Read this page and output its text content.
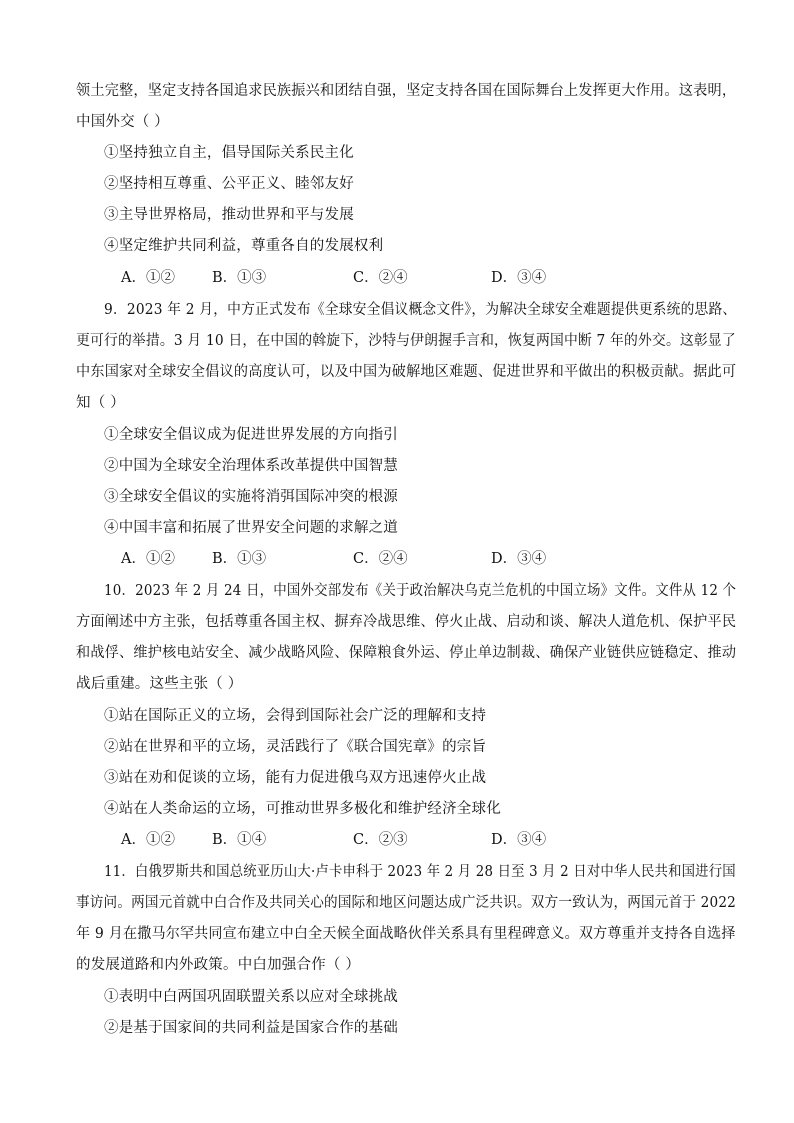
领土完整，坚定支持各国追求民族振兴和团结自强，坚定支持各国在国际舞台上发挥更大作用。这表明，
中国外交（ ）
①坚持独立自主，倡导国际关系民主化
②坚持相互尊重、公平正义、睦邻友好
③主导世界格局，推动世界和平与发展
④坚定维护共同利益，尊重各自的发展权利
A．①②	B．①③	C．②④	D．③④
9．2023 年 2 月，中方正式发布《全球安全倡议概念文件》，为解决全球安全难题提供更系统的思路、
更可行的举措。3 月 10 日，在中国的斡旋下，沙特与伊朗握手言和，恢复两国中断 7 年的外交。这彰显了
中东国家对全球安全倡议的高度认可，以及中国为破解地区难题、促进世界和平做出的积极贡献。据此可
知（ ）
①全球安全倡议成为促进世界发展的方向指引
②中国为全球安全治理体系改革提供中国智慧
③全球安全倡议的实施将消弭国际冲突的根源
④中国丰富和拓展了世界安全问题的求解之道
A．①②	B．①③	C．②④	D．③④
10．2023 年 2 月 24 日，中国外交部发布《关于政治解决乌克兰危机的中国立场》文件。文件从 12 个
方面阐述中方主张，包括尊重各国主权、摒弃冷战思维、停火止战、启动和谈、解决人道危机、保护平民
和战俘、维护核电站安全、减少战略风险、保障粮食外运、停止单边制裁、确保产业链供应链稳定、推动
战后重建。这些主张（ ）
①站在国际正义的立场，会得到国际社会广泛的理解和支持
②站在世界和平的立场，灵活践行了《联合国宪章》的宗旨
③站在劝和促谈的立场，能有力促进俄乌双方迅速停火止战
④站在人类命运的立场，可推动世界多极化和维护经济全球化
A．①②	B．①④	C．②③	D．③④
11．白俄罗斯共和国总统亚历山大·卢卡申科于 2023 年 2 月 28 日至 3 月 2 日对中华人民共和国进行国
事访问。两国元首就中白合作及共同关心的国际和地区问题达成广泛共识。双方一致认为，两国元首于 2022
年 9 月在撒马尔罕共同宣布建立中白全天候全面战略伙伴关系具有里程碑意义。双方尊重并支持各自选择
的发展道路和内外政策。中白加强合作（ ）
①表明中白两国巩固联盟关系以应对全球挑战
②是基于国家间的共同利益是国家合作的基础
